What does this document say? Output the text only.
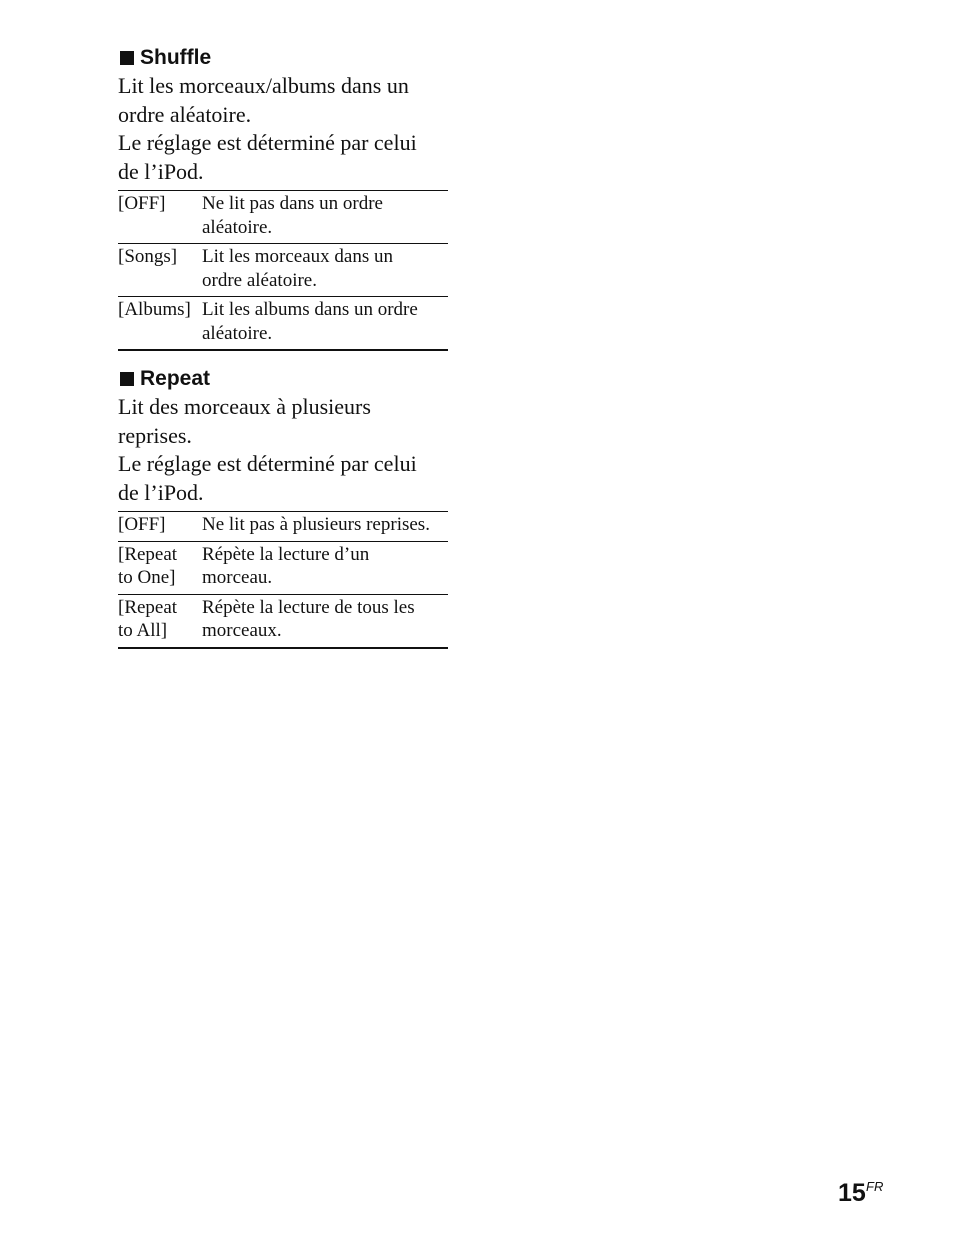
Shuffle

Lit les morceaux/albums dans un
ordre aléatoire.
Le réglage est déterminé par celui
de l’iPod.

[OFF]	Ne lit pas dans un ordre
aléatoire.
[Songs]	Lit les morceaux dans un
ordre aléatoire.
[Albums]	Lit les albums dans un ordre
aléatoire.
Repeat

Lit des morceaux à plusieurs
reprises.
Le réglage est déterminé par celui
de l’iPod.

[OFF]	Ne lit pas à plusieurs reprises.
[Repeat
to One]	Répète la lecture d’un
morceau.
[Repeat
to All]	Répète la lecture de tous les
morceaux.
15 FR
